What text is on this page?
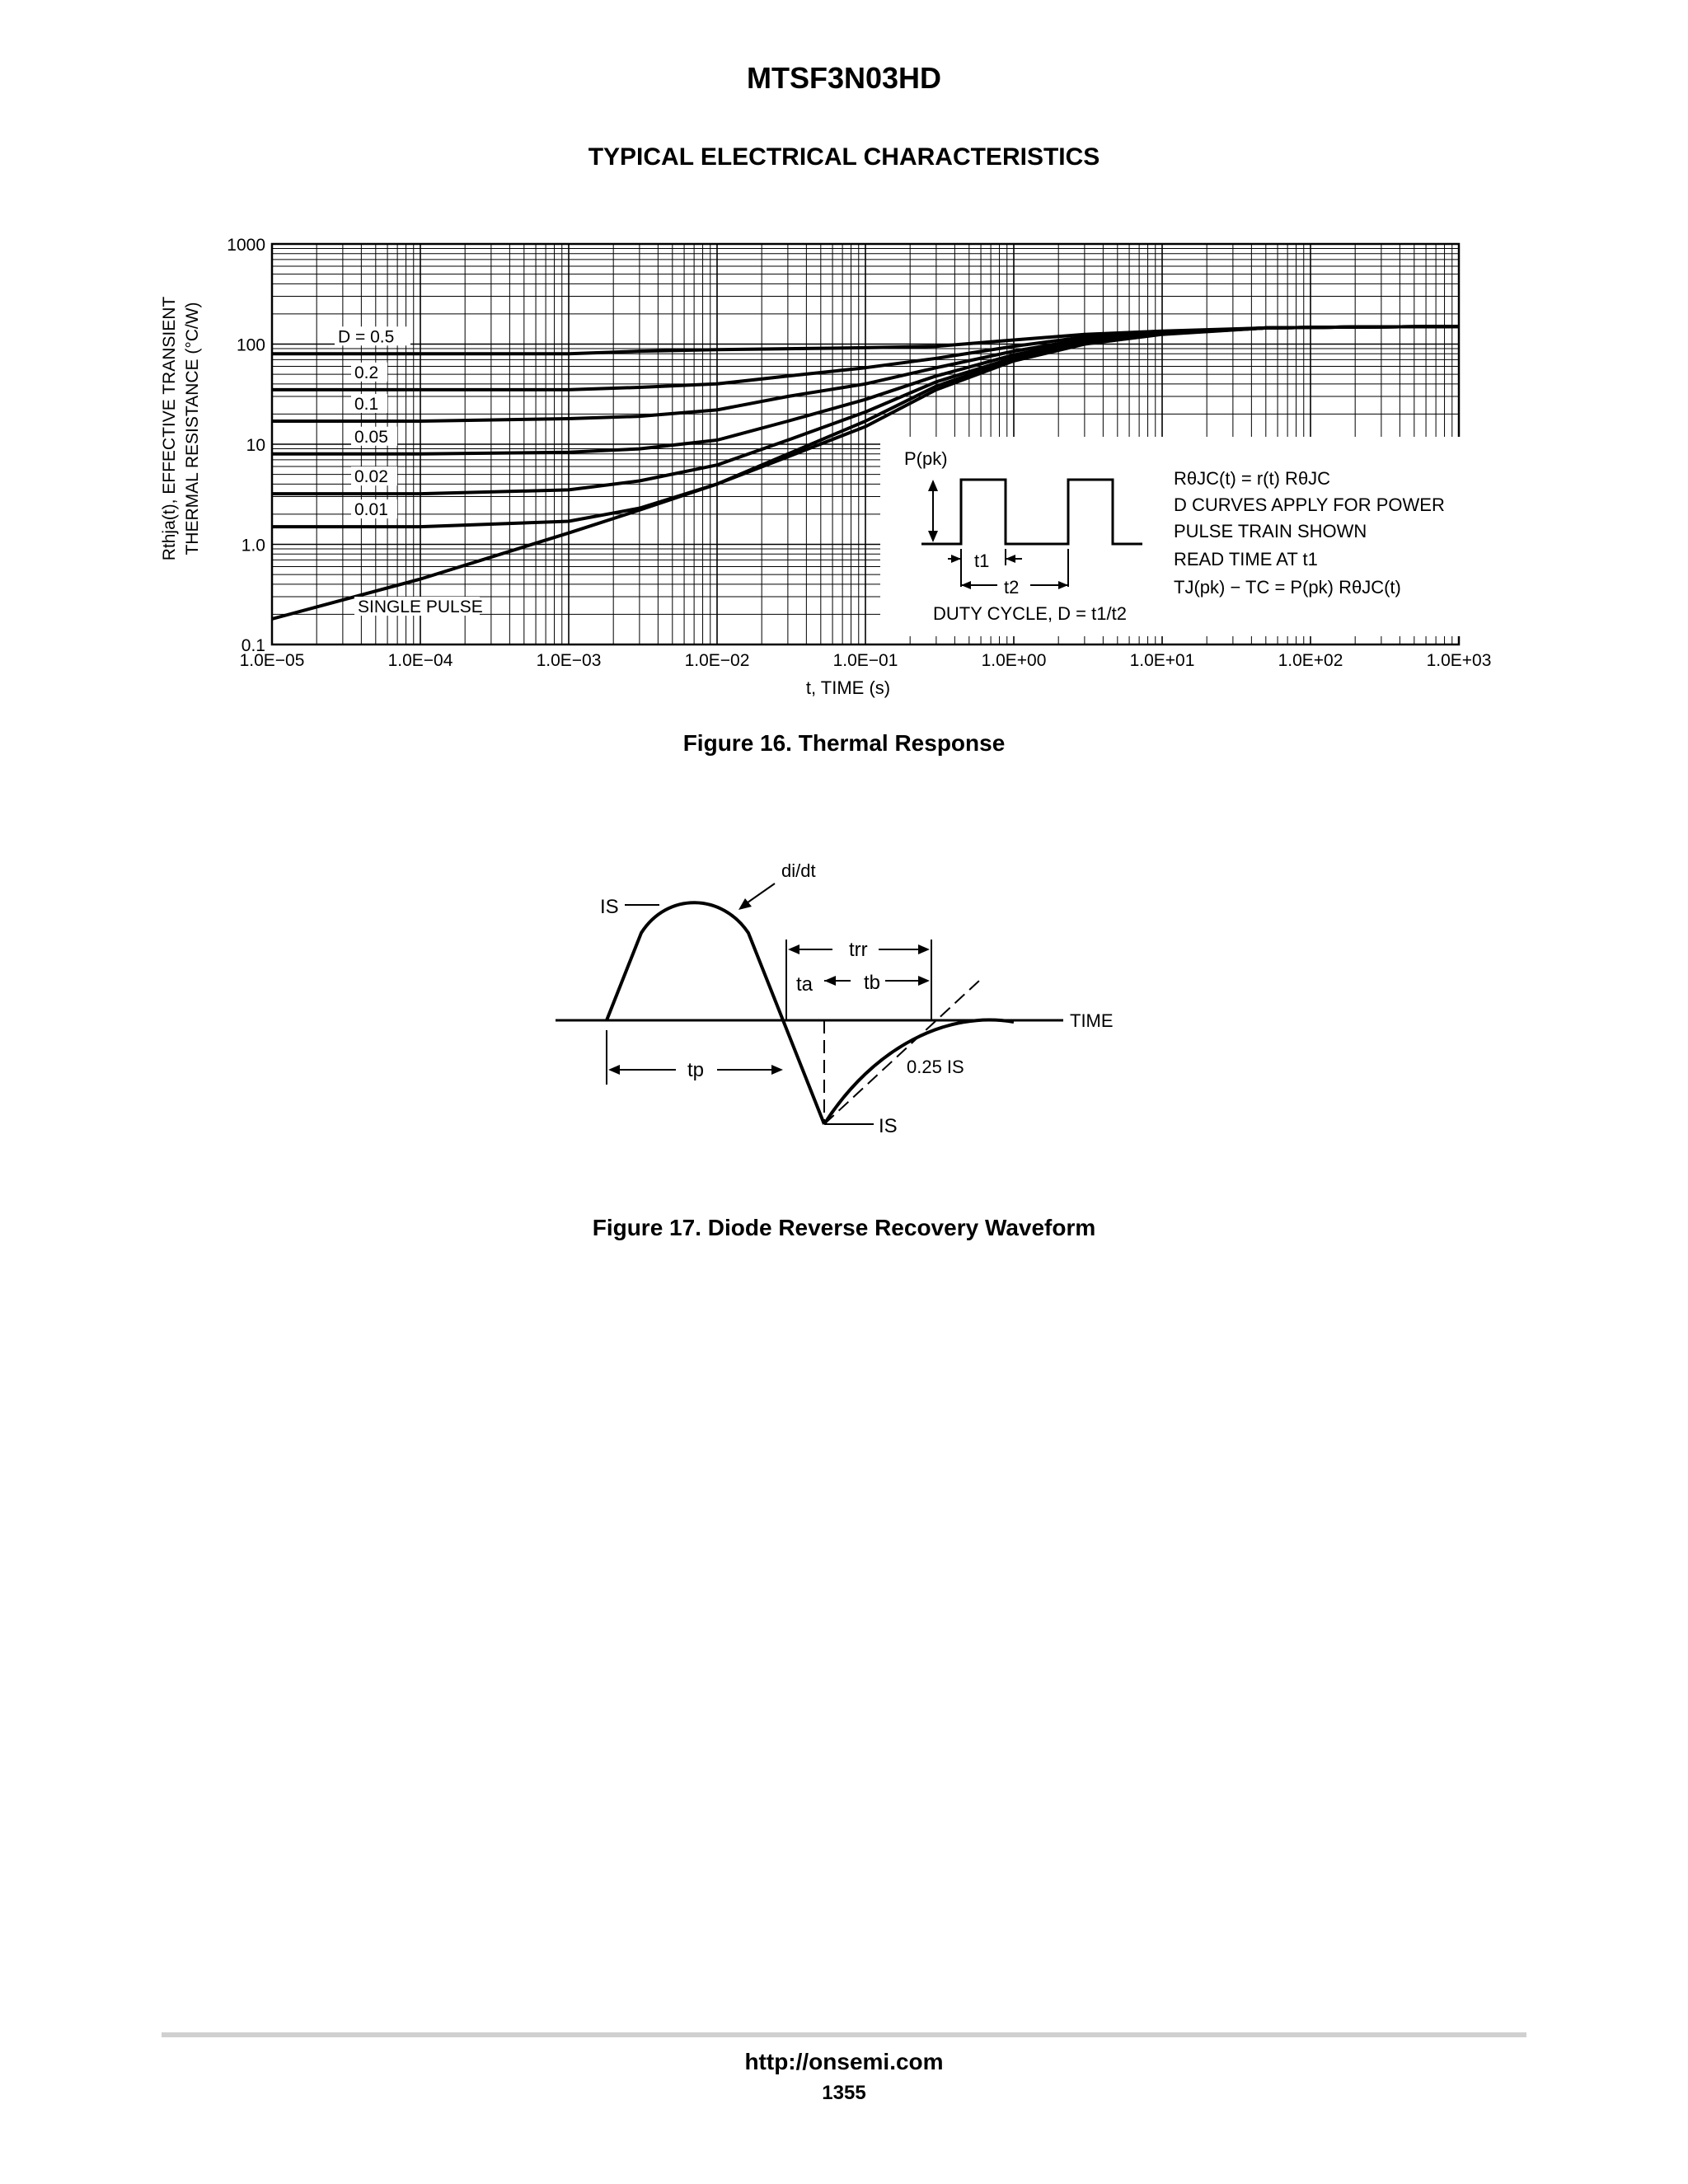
MTSF3N03HD
TYPICAL ELECTRICAL CHARACTERISTICS
0.1
1.0
10
100
1000
1.0E−05	1.0E−04	1.0E−03	1.0E−02	1.0E−01	1.0E+00	1.0E+01	1.0E+02	1.0E+03
Rthja(t), EFFECTIVE TRANSIENT THERMAL RESISTANCE (°C/W)
t, TIME (s)
D = 0.5
0.2
0.1
0.05
0.02
0.01
SINGLE PULSE
P(pk)
t1
t2
DUTY CYCLE, D = t1/t2
RθJC(t) = r(t) RθJC
D CURVES APPLY FOR POWER
PULSE TRAIN SHOWN
READ TIME AT t1
TJ(pk) − TC = P(pk) RθJC(t)
Figure 16. Thermal Response
TIME
IS
di/dt
trr
ta	tb
tp	0.25 IS
IS
Figure 17. Diode Reverse Recovery Waveform
http://onsemi.com
1355
